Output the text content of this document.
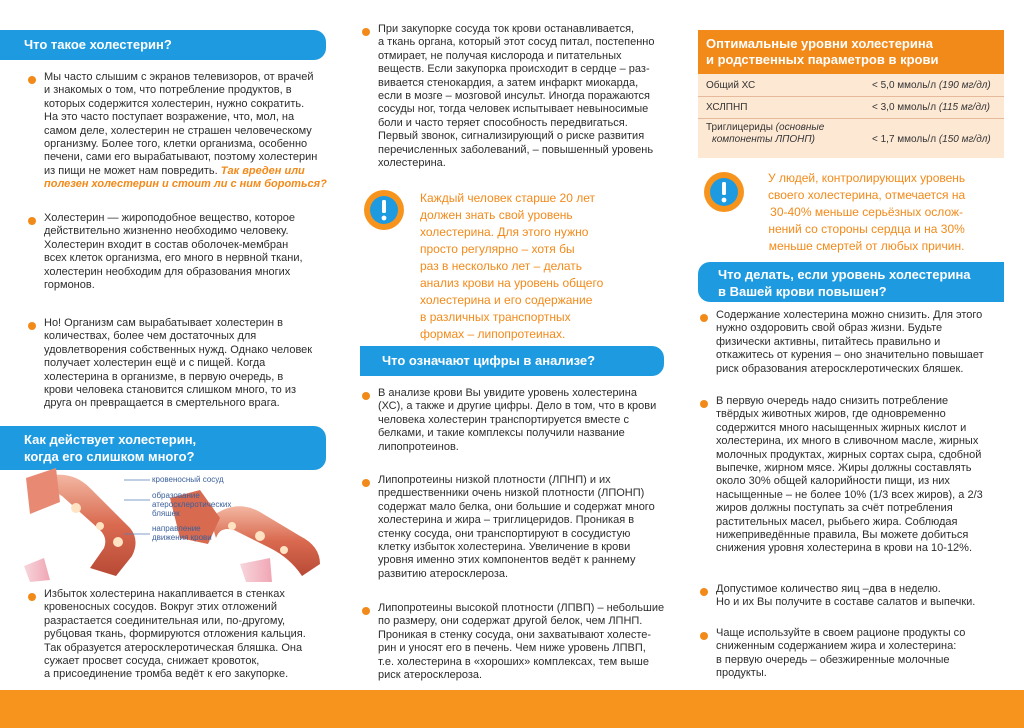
Что такое холестерин?
Мы часто слышим с экранов телевизоров, от врачей
и знакомых о том, что потребление продуктов, в
которых содержится холестерин, нужно сократить.
На это часто поступает возражение, что, мол, на
самом деле, холестерин не страшен человеческому
организму. Более того, клетки организма, особенно
печени, сами его вырабатывают, поэтому холестерин
из пищи не может нам повредить. Так вреден или
полезен холестерин и стоит ли с ним бороться?
Холестерин — жироподобное вещество, которое
действительно жизненно необходимо человеку.
Холестерин входит в состав оболочек-мембран
всех клеток организма, его много в нервной ткани,
холестерин необходим для образования многих
гормонов.
Но! Организм сам вырабатывает холестерин в
количествах, более чем достаточных для
удовлетворения собственных нужд. Однако человек
получает холестерин ещё и с пищей. Когда
холестерина в организме, в первую очередь, в
крови человека становится слишком много, то из
друга он превращается в смертельного врага.
Как действует холестерин,
когда его слишком много?
кровеносный сосуд
образование
атеросклеротических
бляшек
направление
движения крови
Избыток холестерина накапливается в стенках
кровеносных сосудов. Вокруг этих отложений
разрастается соединительная или, по-другому,
рубцовая ткань, формируются отложения кальция.
Так образуется атеросклеротическая бляшка. Она
сужает просвет сосуда, снижает кровоток,
а присоединение тромба ведёт к его закупорке.
При закупорке сосуда ток крови останавливается,
а ткань органа, который этот сосуд питал, постепенно
отмирает, не получая кислорода и питательных
веществ. Если закупорка происходит в сердце – раз-
вивается стенокардия, а затем инфаркт миокарда,
если в мозге – мозговой инсульт. Иногда поражаются
сосуды ног, тогда человек испытывает невыносимые
боли и часто теряет способность передвигаться.
Первый звонок, сигнализирующий о риске развития
перечисленных заболеваний, – повышенный уровень
холестерина.
Каждый человек старше 20 лет
должен знать свой уровень
холестерина. Для этого нужно
просто регулярно – хотя бы
раз в несколько лет – делать
анализ крови на уровень общего
холестерина и его содержание
в различных транспортных
формах – липопротеинах.
Что означают цифры в анализе?
В анализе крови Вы увидите уровень холестерина
(ХС), а также и другие цифры. Дело в том, что в крови
человека холестерин транспортируется вместе с
белками, и такие комплексы получили название
липопротеинов.
Липопротеины низкой плотности (ЛПНП) и их
предшественники очень низкой плотности (ЛПОНП)
содержат мало белка, они большие и содержат много
холестерина и жира – триглицеридов. Проникая в
стенку сосуда, они транспортируют в сосудистую
клетку избыток холестерина. Увеличение в крови
уровня именно этих компонентов ведёт к раннему
развитию атеросклероза.
Липопротеины высокой плотности (ЛПВП) – небольшие
по размеру, они содержат другой белок, чем ЛПНП.
Проникая в стенку сосуда, они захватывают холесте-
рин и уносят его в печень. Чем ниже уровень ЛПВП,
т.е. холестерина в «хороших» комплексах, тем выше
риск атеросклероза.
Оптимальные уровни холестерина
и родственных параметров в крови
Общий ХС	< 5,0 ммоль/л (190 мг/дл)
ХСЛПНП	< 3,0 ммоль/л (115 мг/дл)
Триглицериды (основные
компоненты ЛПОНП)	< 1,7 ммоль/л (150 мг/дл)
У людей, контролирующих уровень
своего холестерина, отмечается на
30-40% меньше серьёзных ослож-
нений со стороны сердца и на 30%
меньше смертей от любых причин.
Что делать, если уровень холестерина
в Вашей крови повышен?
Содержание холестерина можно снизить. Для этого
нужно оздоровить свой образ жизни. Будьте
физически активны, питайтесь правильно и
откажитесь от курения – оно значительно повышает
риск образования атеросклеротических бляшек.
В первую очередь надо снизить потребление
твёрдых животных жиров, где одновременно
содержится много насыщенных жирных кислот и
холестерина, их много в сливочном масле, жирных
молочных продуктах, жирных сортах сыра, сдобной
выпечке, жирном мясе. Жиры должны составлять
около 30% общей калорийности пищи, из них
насыщенные – не более 10% (1/3 всех жиров), а 2/3
жиров должны поступать за счёт потребления
растительных масел, рыбьего жира. Соблюдая
нижеприведённые правила, Вы можете добиться
снижения уровня холестерина в крови на 10-12%.
Допустимое количество яиц –два в неделю.
Но и их Вы получите в составе салатов и выпечки.
Чаще используйте в своем рационе продукты со
сниженным содержанием жира и холестерина:
в первую очередь – обезжиренные молочные
продукты.
